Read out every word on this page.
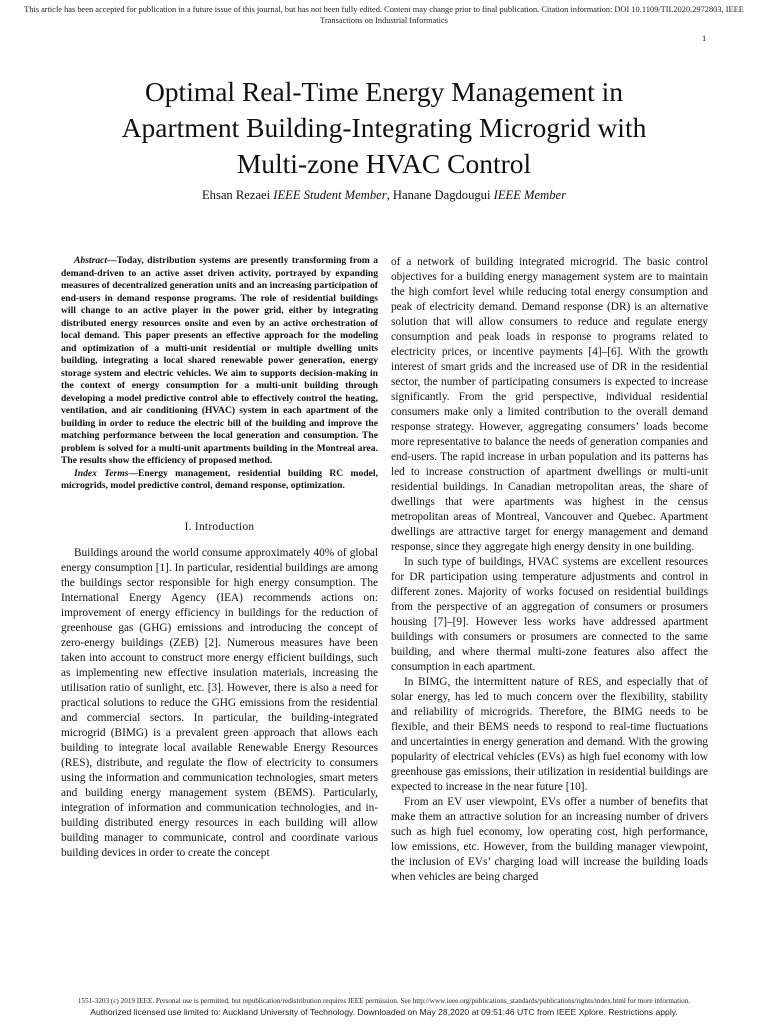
This article has been accepted for publication in a future issue of this journal, but has not been fully edited. Content may change prior to final publication. Citation information: DOI 10.1109/TII.2020.2972803, IEEE
Transactions on Industrial Informatics
1
Optimal Real-Time Energy Management in
Apartment Building-Integrating Microgrid with
Multi-zone HVAC Control
Ehsan Rezaei IEEE Student Member, Hanane Dagdougui IEEE Member

Abstract—Today, distribution systems are presently transforming from a demand-driven to an active asset driven activity, portrayed by expanding measures of decentralized generation units and an increasing participation of end-users in demand response programs. The role of residential buildings will change to an active player in the power grid, either by integrating distributed energy resources onsite and even by an active orchestration of local demand. This paper presents an effective approach for the modeling and optimization of a multi-unit residential or multiple dwelling units building, integrating a local shared renewable power generation, energy storage system and electric vehicles. We aim to supports decision-making in the context of energy consumption for a multi-unit building through developing a model predictive control able to effectively control the heating, ventilation, and air conditioning (HVAC) system in each apartment of the building in order to reduce the electric bill of the building and improve the matching performance between the local generation and consumption. The problem is solved for a multi-unit apartments building in the Montreal area. The results show the efficiency of proposed method.

Index Terms—Energy management, residential building RC model, microgrids, model predictive control, demand response, optimization.

I. Introduction

Buildings around the world consume approximately 40% of global energy consumption [1]. In particular, residential buildings are among the buildings sector responsible for high energy consumption. The International Energy Agency (IEA) recommends actions on: improvement of energy efficiency in buildings for the reduction of greenhouse gas (GHG) emissions and introducing the concept of zero-energy buildings (ZEB) [2]. Numerous measures have been taken into account to construct more energy efficient buildings, such as implementing new effective insulation materials, increasing the utilisation ratio of sunlight, etc. [3]. However, there is also a need for practical solutions to reduce the GHG emissions from the residential and commercial sectors. In particular, the building-integrated microgrid (BIMG) is a prevalent green approach that allows each building to integrate local available Renewable Energy Resources (RES), distribute, and regulate the flow of electricity to consumers using the information and communication technologies, smart meters and building energy management system (BEMS). Particularly, integration of information and communication technologies, and in-building distributed energy resources in each building will allow building manager to communicate, control and coordinate various building devices in order to create the concept

of a network of building integrated microgrid. The basic control objectives for a building energy management system are to maintain the high comfort level while reducing total energy consumption and peak of electricity demand. Demand response (DR) is an alternative solution that will allow consumers to reduce and regulate energy consumption and peak loads in response to programs related to electricity prices, or incentive payments [4]–[6]. With the growth interest of smart grids and the increased use of DR in the residential sector, the number of participating consumers is expected to increase significantly. From the grid perspective, individual residential consumers make only a limited contribution to the overall demand response strategy. However, aggregating consumers’ loads become more representative to balance the needs of generation companies and end-users. The rapid increase in urban population and its patterns has led to increase construction of apartment dwellings or multi-unit residential buildings. In Canadian metropolitan areas, the share of dwellings that were apartments was highest in the census metropolitan areas of Montreal, Vancouver and Quebec. Apartment dwellings are attractive target for energy management and demand response, since they aggregate high energy density in one building.

In such type of buildings, HVAC systems are excellent resources for DR participation using temperature adjustments and control in different zones. Majority of works focused on residential buildings from the perspective of an aggregation of consumers or prosumers housing [7]–[9]. However less works have addressed apartment buildings with consumers or prosumers are connected to the same building, and where thermal multi-zone features also affect the consumption in each apartment.

In BIMG, the intermittent nature of RES, and especially that of solar energy, has led to much concern over the flexibility, stability and reliability of microgrids. Therefore, the BIMG needs to be flexible, and their BEMS needs to respond to real-time fluctuations and uncertainties in energy generation and demand. With the growing popularity of electrical vehicles (EVs) as high fuel economy with low greenhouse gas emissions, their utilization in residential buildings are expected to increase in the near future [10].

From an EV user viewpoint, EVs offer a number of benefits that make them an attractive solution for an increasing number of drivers such as high fuel economy, low operating cost, high performance, low emissions, etc. However, from the building manager viewpoint, the inclusion of EVs’ charging load will increase the building loads when vehicles are being charged

1551-3203 (c) 2019 IEEE. Personal use is permitted, but republication/redistribution requires IEEE permission. See http://www.ieee.org/publications_standards/publications/rights/index.html for more information.
Authorized licensed use limited to: Auckland University of Technology. Downloaded on May 28,2020 at 09:51:46 UTC from IEEE Xplore. Restrictions apply.
